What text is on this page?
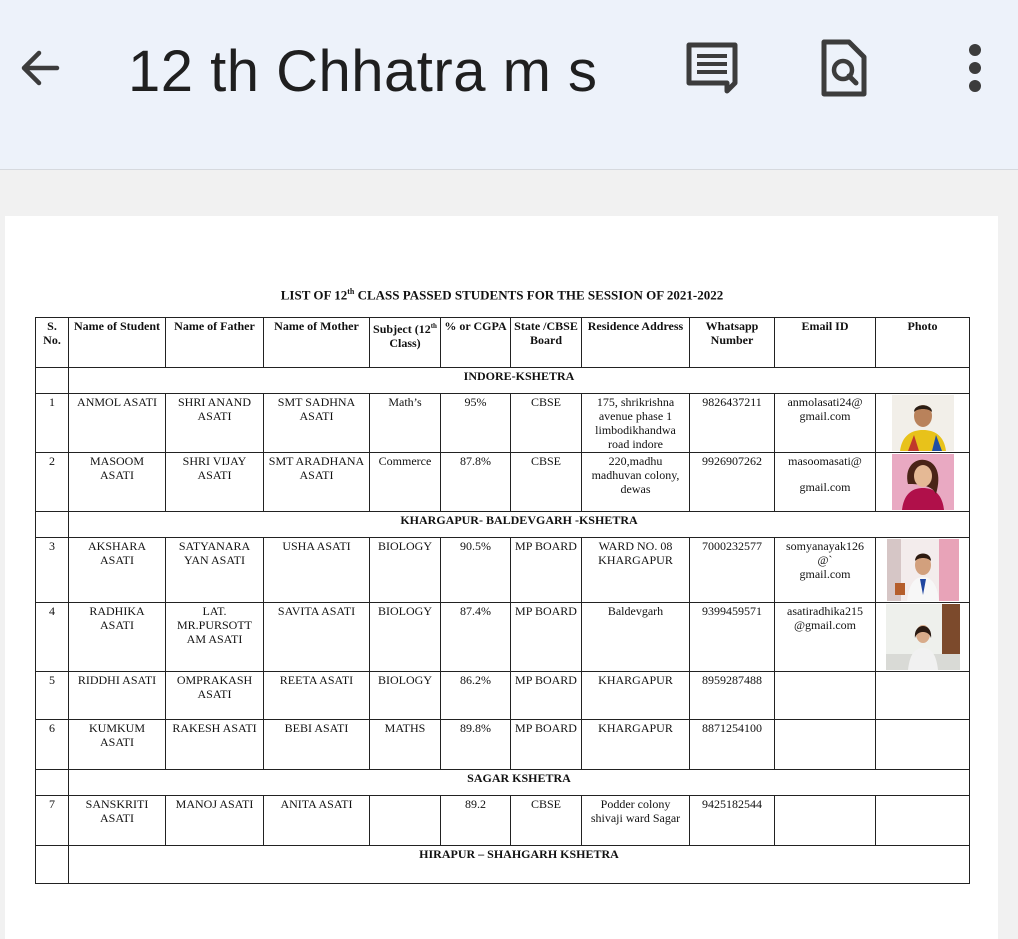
12 th Chhatra m s
LIST OF 12th CLASS PASSED STUDENTS FOR THE SESSION OF 2021-2022
S. No.	Name of Student	Name of Father	Name of Mother	Subject (12th Class)	% or CGPA	State /CBSE Board	Residence Address	Whatsapp Number	Email ID	Photo
	INDORE-KSHETRA									
1	ANMOL ASATI	SHRI ANAND ASATI	SMT SADHNA ASATI	Math’s	95%	CBSE	175, shrikrishna avenue phase 1 limbodikhandwa road indore	9826437211	anmolasati24@
gmail.com	

2	MASOOM ASATI	SHRI VIJAY ASATI	SMT ARADHANA ASATI	Commerce	87.8%	CBSE	220,madhu madhuvan colony, dewas	9926907262	masoomasati@
gmail.com	

	KHARGAPUR- BALDEVGARH -KSHETRA									
3	AKSHARA ASATI	SATYANARA YAN ASATI	USHA ASATI	BIOLOGY	90.5%	MP BOARD	WARD NO. 08 KHARGAPUR	7000232577	somyanayak126 @`
gmail.com	

4	RADHIKA ASATI	LAT. MR.PURSOTT AM ASATI	SAVITA ASATI	BIOLOGY	87.4%	MP BOARD	Baldevgarh	9399459571	asatiradhika215 @gmail.com	

5	RIDDHI ASATI	OMPRAKASH ASATI	REETA ASATI	BIOLOGY	86.2%	MP BOARD	KHARGAPUR	8959287488		
6	KUMKUM ASATI	RAKESH ASATI	BEBI ASATI	MATHS	89.8%	MP BOARD	KHARGAPUR	8871254100		
	SAGAR KSHETRA									
7	SANSKRITI ASATI	MANOJ ASATI	ANITA ASATI		89.2	CBSE	Podder colony shivaji ward Sagar	9425182544		
	HIRAPUR – SHAHGARH KSHETRA									
